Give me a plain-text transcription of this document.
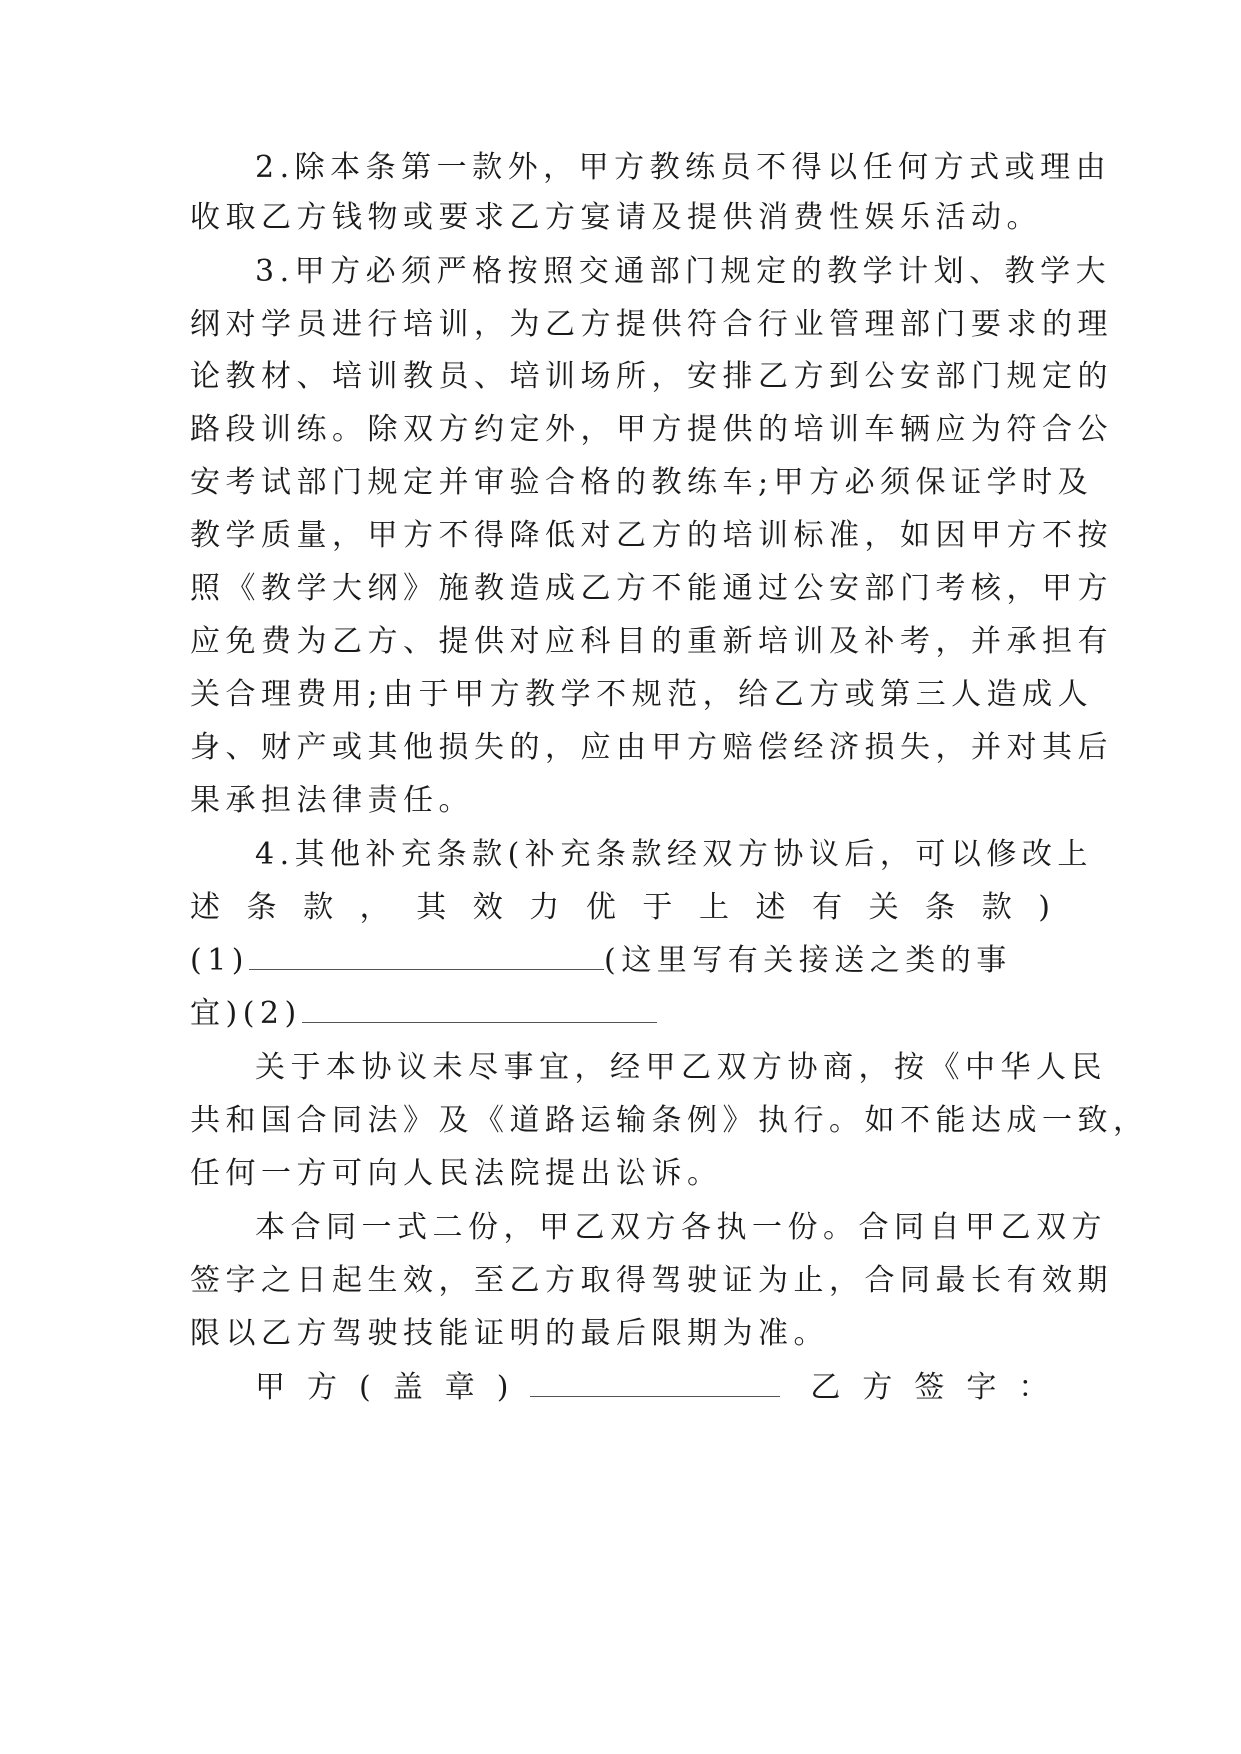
2.除本条第一款外，甲方教练员不得以任何方式或理由
收取乙方钱物或要求乙方宴请及提供消费性娱乐活动。
3.甲方必须严格按照交通部门规定的教学计划、教学大
纲对学员进行培训，为乙方提供符合行业管理部门要求的理
论教材、培训教员、培训场所，安排乙方到公安部门规定的
路段训练。除双方约定外，甲方提供的培训车辆应为符合公
安考试部门规定并审验合格的教练车;甲方必须保证学时及
教学质量，甲方不得降低对乙方的培训标准，如因甲方不按
照《教学大纲》施教造成乙方不能通过公安部门考核，甲方
应免费为乙方、提供对应科目的重新培训及补考，并承担有
关合理费用;由于甲方教学不规范，给乙方或第三人造成人
身、财产或其他损失的，应由甲方赔偿经济损失，并对其后
果承担法律责任。
4.其他补充条款(补充条款经双方协议后，可以修改上
述条款，其效力优于上述有关条款)
(1)	(这里写有关接送之类的事
宜)(2)
关于本协议未尽事宜，经甲乙双方协商，按《中华人民
共和国合同法》及《道路运输条例》执行。如不能达成一致，
任何一方可向人民法院提出讼诉。
本合同一式二份，甲乙双方各执一份。合同自甲乙双方
签字之日起生效，至乙方取得驾驶证为止，合同最长有效期
限以乙方驾驶技能证明的最后限期为准。
甲方(盖章)	乙方签字：
